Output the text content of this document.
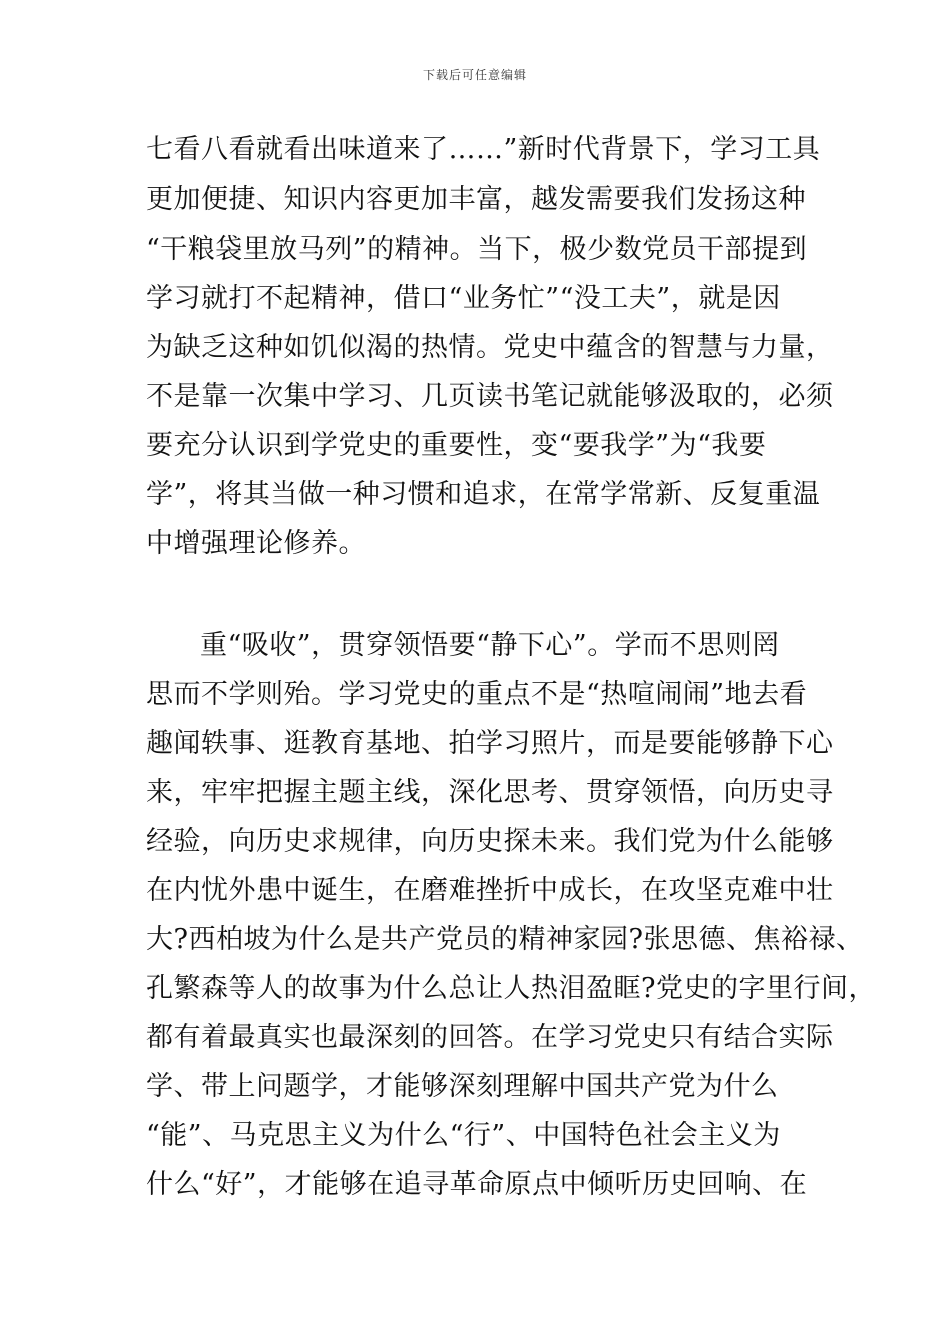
下载后可任意编辑
七看八看就看出味道来了……”新时代背景下，学习工具
更加便捷、知识内容更加丰富，越发需要我们发扬这种
“干粮袋里放马列”的精神。当下，极少数党员干部提到
学习就打不起精神，借口“业务忙”“没工夫”，就是因
为缺乏这种如饥似渴的热情。党史中蕴含的智慧与力量，
不是靠一次集中学习、几页读书笔记就能够汲取的，必须
要充分认识到学党史的重要性，变“要我学”为“我要
学”，将其当做一种习惯和追求，在常学常新、反复重温
中增强理论修养。
重“吸收”，贯穿领悟要“静下心”。学而不思则罔
思而不学则殆。学习党史的重点不是“热喧闹闹”地去看
趣闻轶事、逛教育基地、拍学习照片，而是要能够静下心
来，牢牢把握主题主线，深化思考、贯穿领悟，向历史寻
经验，向历史求规律，向历史探未来。我们党为什么能够
在内忧外患中诞生，在磨难挫折中成长，在攻坚克难中壮
大?西柏坡为什么是共产党员的精神家园?张思德、焦裕禄、
孔繁森等人的故事为什么总让人热泪盈眶?党史的字里行间，
都有着最真实也最深刻的回答。在学习党史只有结合实际
学、带上问题学，才能够深刻理解中国共产党为什么
“能”、马克思主义为什么“行”、中国特色社会主义为
什么“好”，才能够在追寻革命原点中倾听历史回响、在
